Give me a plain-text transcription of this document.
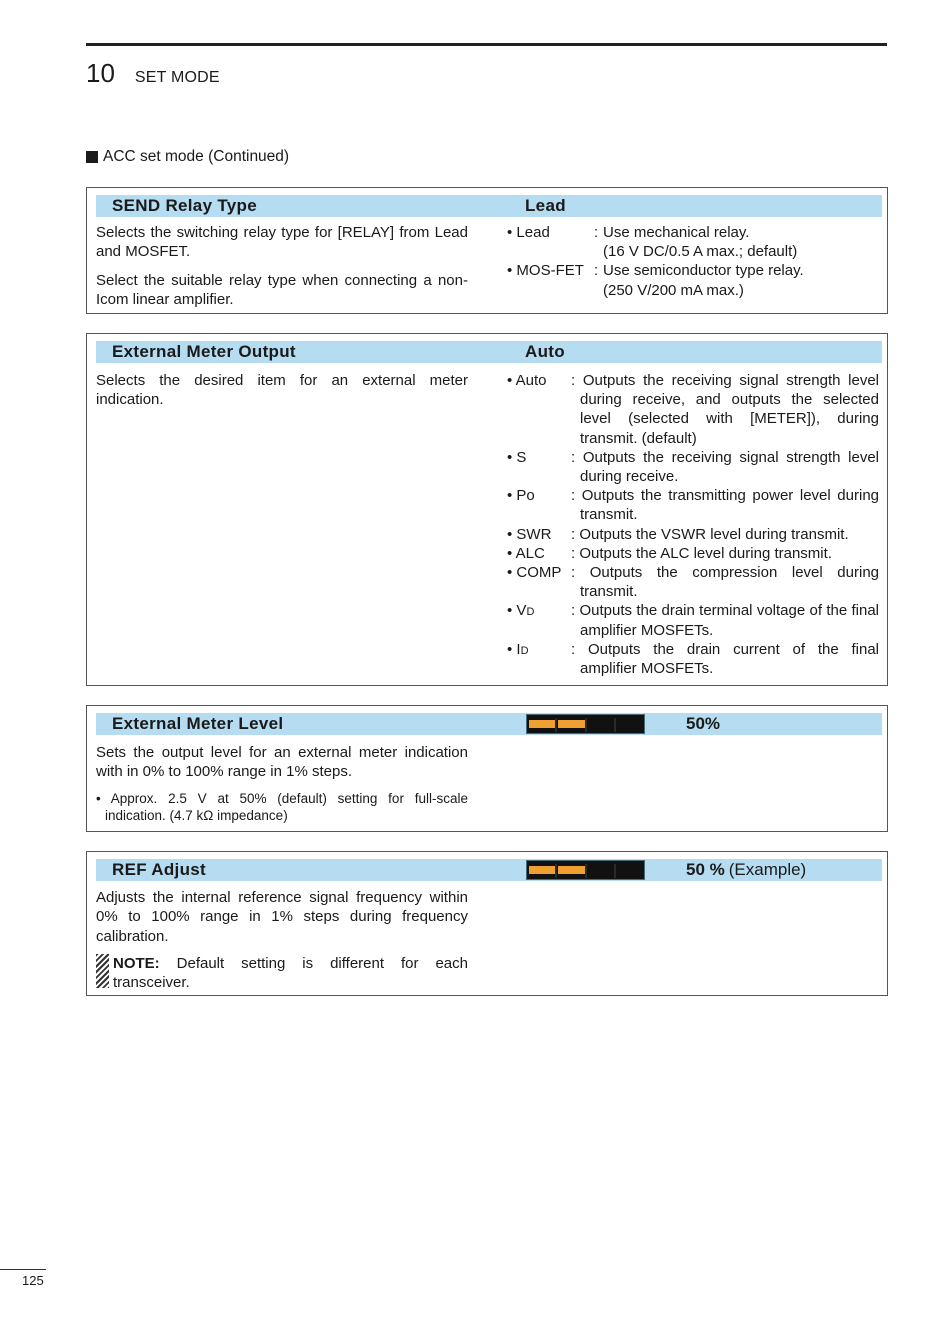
10 SET MODE
ACC set mode (Continued)
SEND Relay Type	Lead

Selects the switching relay type for [RELAY] from Lead and MOSFET.

Select the suitable relay type when connecting a non-Icom linear amplifier.

• Lead	: Use mechanical relay.
(16 V DC/0.5 A max.; default)
• MOS-FET : Use semiconductor type relay.
(250 V/200 mA max.)
External Meter Output	Auto
Selects the desired item for an external meter indication.
• Auto	: Outputs the receiving signal strength level during receive, and outputs the selected level (selected with [METER]), during transmit. (default)
• S	: Outputs the receiving signal strength level during receive.
• Po	: Outputs the transmitting power level during transmit.
• SWR	: Outputs the VSWR level during transmit.
• ALC	: Outputs the ALC level during transmit.
• COMP : Outputs the compression level during transmit.
• VD	: Outputs the drain terminal voltage of the final amplifier MOSFETs.
• ID	: Outputs the drain current of the final amplifier MOSFETs.
External Meter Level	50%
Sets the output level for an external meter indication with in 0% to 100% range in 1% steps.
• Approx. 2.5 V at 50% (default) setting for full-scale indication. (4.7 kΩ impedance)
REF Adjust	50 % (Example)
Adjusts the internal reference signal frequency within 0% to 100% range in 1% steps during frequency calibration.
NOTE: Default setting is different for each transceiver.
125
